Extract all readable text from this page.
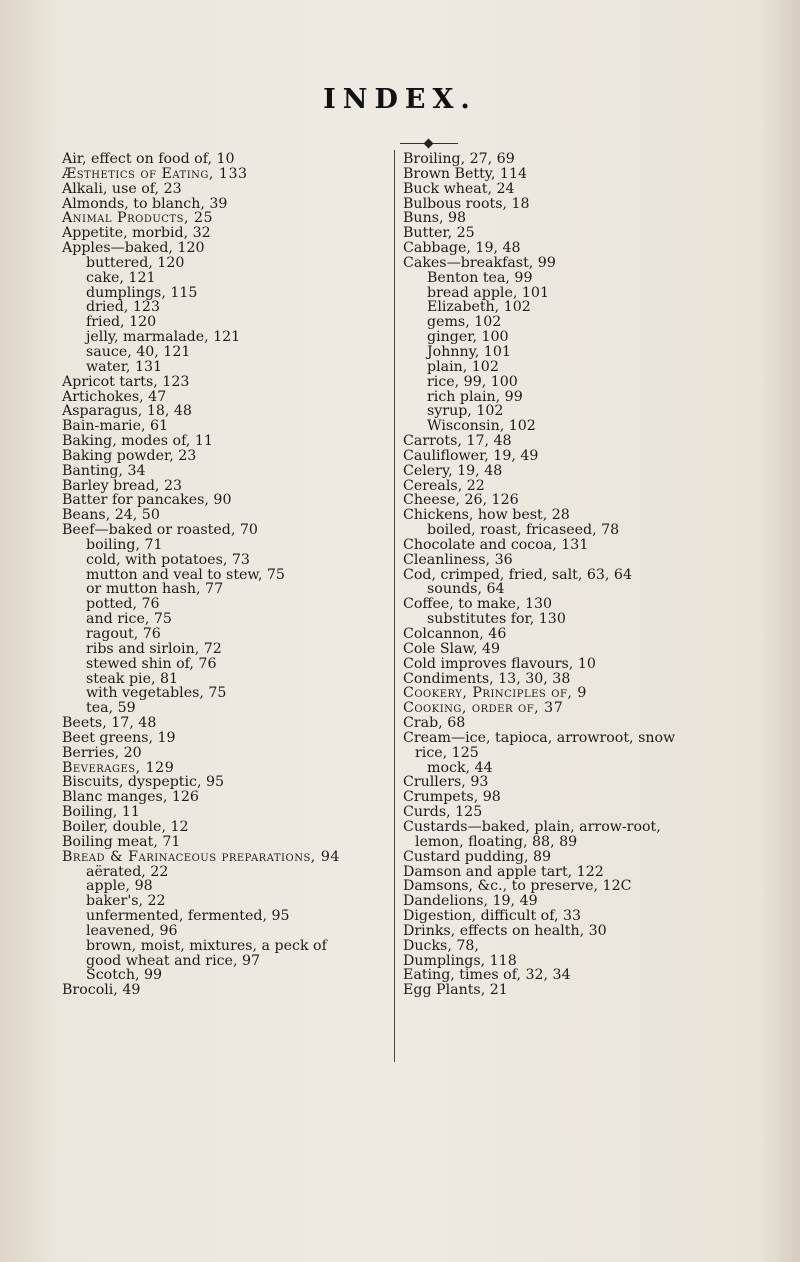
INDEX.
Air, effect on food of, 10
Æsthetics of Eating, 133
Alkali, use of, 23
Almonds, to blanch, 39
Animal Products, 25
Appetite, morbid, 32
Apples—baked, 120
buttered, 120
cake, 121
dumplings, 115
dried, 123
fried, 120
jelly, marmalade, 121
sauce, 40, 121
water, 131
Apricot tarts, 123
Artichokes, 47
Asparagus, 18, 48
Bain-marie, 61
Baking, modes of, 11
Baking powder, 23
Banting, 34
Barley bread, 23
Batter for pancakes, 90
Beans, 24, 50
Beef—baked or roasted, 70
boiling, 71
cold, with potatoes, 73
mutton and veal to stew, 75
or mutton hash, 77
potted, 76
and rice, 75
ragout, 76
ribs and sirloin, 72
stewed shin of, 76
steak pie, 81
with vegetables, 75
tea, 59
Beets, 17, 48
Beet greens, 19
Berries, 20
Beverages, 129
Biscuits, dyspeptic, 95
Blanc manges, 126
Boiling, 11
Boiler, double, 12
Boiling meat, 71
Bread & Farinaceous preparations, 94
aërated, 22
apple, 98
baker's, 22
unfermented, fermented, 95
leavened, 96
brown, moist, mixtures, a peck of
good wheat and rice, 97
Scotch, 99
Brocoli, 49
Broiling, 27, 69
Brown Betty, 114
Buck wheat, 24
Bulbous roots, 18
Buns, 98
Butter, 25
Cabbage, 19, 48
Cakes—breakfast, 99
Benton tea, 99
bread apple, 101
Elizabeth, 102
gems, 102
ginger, 100
Johnny, 101
plain, 102
rice, 99, 100
rich plain, 99
syrup, 102
Wisconsin, 102
Carrots, 17, 48
Cauliflower, 19, 49
Celery, 19, 48
Cereals, 22
Cheese, 26, 126
Chickens, how best, 28
boiled, roast, fricaseed, 78
Chocolate and cocoa, 131
Cleanliness, 36
Cod, crimped, fried, salt, 63, 64
sounds, 64
Coffee, to make, 130
substitutes for, 130
Colcannon, 46
Cole Slaw, 49
Cold improves flavours, 10
Condiments, 13, 30, 38
Cookery, Principles of, 9
Cooking, order of, 37
Crab, 68
Cream—ice, tapioca, arrowroot, snow
rice, 125
mock, 44
Crullers, 93
Crumpets, 98
Curds, 125
Custards—baked, plain, arrow-root,
lemon, floating, 88, 89
Custard pudding, 89
Damson and apple tart, 122
Damsons, &c., to preserve, 12C
Dandelions, 19, 49
Digestion, difficult of, 33
Drinks, effects on health, 30
Ducks, 78,
Dumplings, 118
Eating, times of, 32, 34
Egg Plants, 21
